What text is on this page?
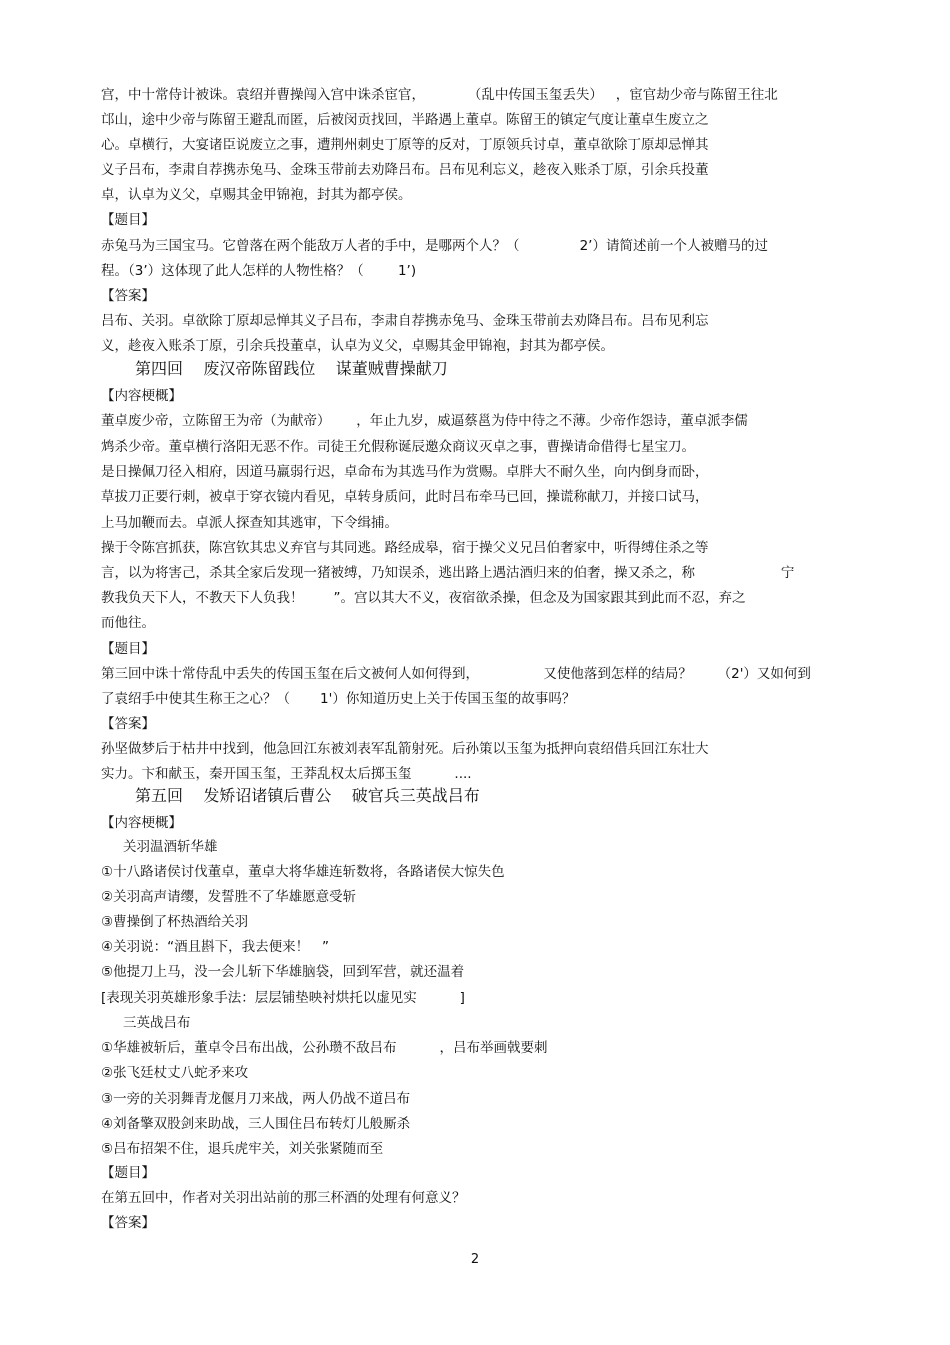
宫，中十常侍计被诛。袁绍并曹操闯入宫中诛杀宦官，          （乱中传国玉玺丢失）   ，宦官劫少帝与陈留王往北
邙山，途中少帝与陈留王避乱而匿，后被闵贡找回，半路遇上董卓。陈留王的镇定气度让董卓生废立之
心。卓横行，大宴诸臣说废立之事，遭荆州刺史丁原等的反对，丁原领兵讨卓，董卓欲除丁原却忌惮其
义子吕布，李肃自荐携赤兔马、金珠玉带前去劝降吕布。吕布见利忘义，趁夜入账杀丁原，引余兵投董
卓，认卓为义父，卓赐其金甲锦袍，封其为都亭侯。
【题目】
赤兔马为三国宝马。它曾落在两个能敌万人者的手中，是哪两个人？（              2’）请简述前一个人被赠马的过
程。（3’）这体现了此人怎样的人物性格？（        1’)
【答案】
吕布、关羽。卓欲除丁原却忌惮其义子吕布，李肃自荐携赤兔马、金珠玉带前去劝降吕布。吕布见利忘
义，趁夜入账杀丁原，引余兵投董卓，认卓为义父，卓赐其金甲锦袍，封其为都亭侯。
第四回    废汉帝陈留践位    谋董贼曹操献刀
【内容梗概】
董卓废少帝，立陈留王为帝（为献帝）      ，年止九岁，威逼蔡邕为侍中待之不薄。少帝作怨诗，董卓派李儒
鸩杀少帝。董卓横行洛阳无恶不作。司徒王允假称诞辰邀众商议灭卓之事，曹操请命借得七星宝刀。
是日操佩刀径入相府，因道马羸弱行迟，卓命布为其选马作为赏赐。卓胖大不耐久坐，向内倒身而卧，
草拔刀正要行刺，被卓于穿衣镜内看见，卓转身质问，此时吕布牵马已回，操谎称献刀，并接口试马，
上马加鞭而去。卓派人探查知其逃审，下令缉捕。
操于令陈宫抓获，陈宫钦其忠义弃官与其同逃。路经成皋，宿于操父义兄吕伯奢家中，听得缚住杀之等
言，以为将害己，杀其全家后发现一猪被缚，乃知误杀，逃出路上遇沽酒归来的伯奢，操又杀之，称                    宁
教我负天下人，不教天下人负我！       ”。宫以其大不义，夜宿欲杀操，但念及为国家跟其到此而不忍，弃之
而他往。
【题目】
第三回中诛十常侍乱中丢失的传国玉玺在后文被何人如何得到，               又使他落到怎样的结局？      （2'）又如何到
了袁绍手中使其生称王之心？（       1'）你知道历史上关于传国玉玺的故事吗？
【答案】
孙坚做梦后于枯井中找到，他急回江东被刘表军乱箭射死。后孙策以玉玺为抵押向袁绍借兵回江东壮大
实力。卞和献玉，秦开国玉玺，王莽乱权太后掷玉玺          ....
第五回    发矫诏诸镇后曹公    破官兵三英战吕布
【内容梗概】
关羽温酒斩华雄
①十八路诸侯讨伐董卓，董卓大将华雄连斩数将，各路诸侯大惊失色
②关羽高声请缨，发誓胜不了华雄愿意受斩
③曹操倒了杯热酒给关羽
④关羽说：“酒且斟下，我去便来！   ”
⑤他提刀上马，没一会儿斩下华雄脑袋，回到军营，就还温着
[表现关羽英雄形象手法：层层铺垫映衬烘托以虚见实          ]
三英战吕布
①华雄被斩后，董卓令吕布出战，公孙瓒不敌吕布          ，吕布举画戟要刺
②张飞廷杖丈八蛇矛来攻
③一旁的关羽舞青龙偃月刀来战，两人仍战不道吕布
④刘备擎双股剑来助战，三人围住吕布转灯儿般厮杀
⑤吕布招架不住，退兵虎牢关，刘关张紧随而至
【题目】
在第五回中，作者对关羽出站前的那三杯酒的处理有何意义？
【答案】
2
